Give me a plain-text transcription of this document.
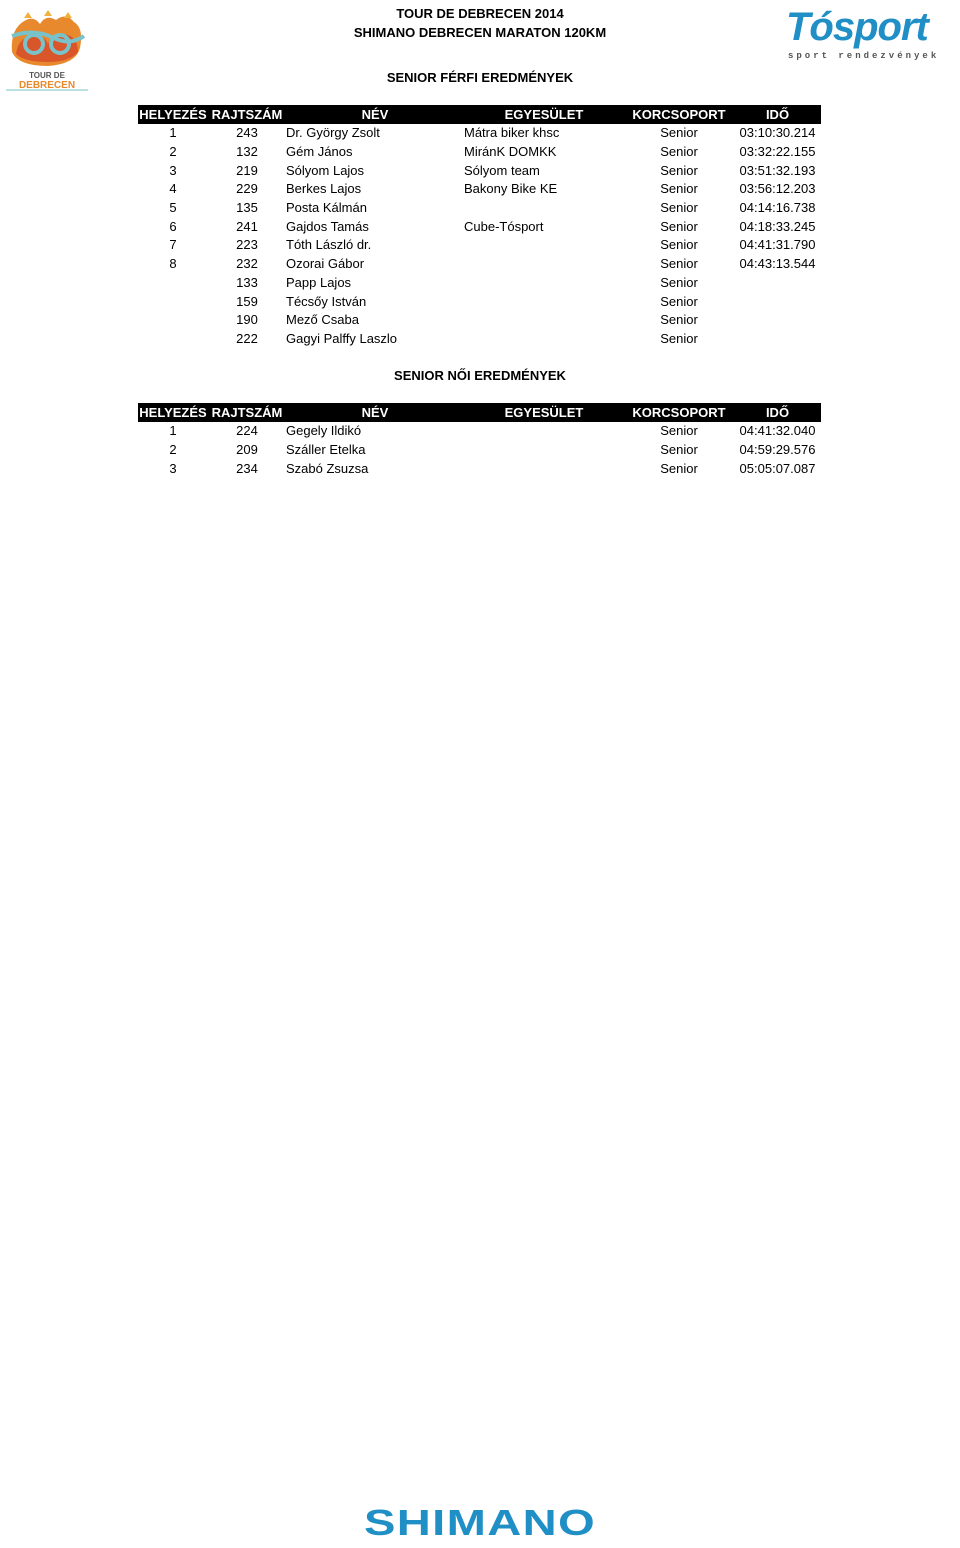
TOUR DE
DEBRECEN
Tósport
sport rendezvények
TOUR DE DEBRECEN 2014
SHIMANO DEBRECEN MARATON 120KM
SENIOR FÉRFI EREDMÉNYEK
HELYEZÉS	RAJTSZÁM	NÉV	EGYESÜLET	KORCSOPORT	IDŐ
1	243	Dr. György Zsolt	Mátra biker khsc	Senior	03:10:30.214
2	132	Gém János	MiránK DOMKK	Senior	03:32:22.155
3	219	Sólyom Lajos	Sólyom team	Senior	03:51:32.193
4	229	Berkes Lajos	Bakony Bike KE	Senior	03:56:12.203
5	135	Posta Kálmán		Senior	04:14:16.738
6	241	Gajdos Tamás	Cube-Tósport	Senior	04:18:33.245
7	223	Tóth László dr.		Senior	04:41:31.790
8	232	Ozorai Gábor		Senior	04:43:13.544
	133	Papp Lajos		Senior	
	159	Técsőy István		Senior	
	190	Mező Csaba		Senior	
	222	Gagyi Palffy Laszlo		Senior	
SENIOR NŐI EREDMÉNYEK
HELYEZÉS	RAJTSZÁM	NÉV	EGYESÜLET	KORCSOPORT	IDŐ
1	224	Gegely Ildikó		Senior	04:41:32.040
2	209	Száller Etelka		Senior	04:59:29.576
3	234	Szabó Zsuzsa		Senior	05:05:07.087
SHIMANO
